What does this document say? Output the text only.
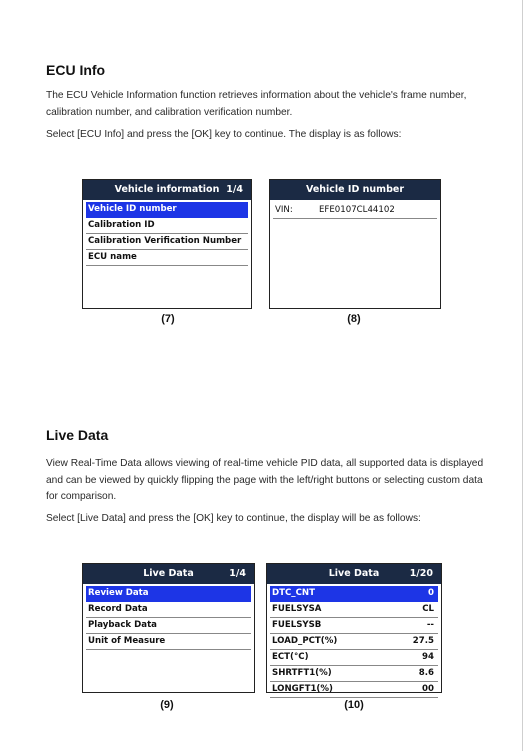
ECU Info

The ECU Vehicle Information function retrieves information about the vehicle's frame number, calibration number, and calibration verification number.

Select [ECU Info] and press the [OK] key to continue. The display is as follows:

Vehicle information 1/4
Vehicle ID number
Calibration ID
Calibration Verification Number
ECU name
(7)
Vehicle ID number
VIN:	EFE0107CL44102
(8)
Live Data

View Real-Time Data allows viewing of real-time vehicle PID data, all supported data is displayed and can be viewed by quickly flipping the page with the left/right buttons or selecting custom data for comparison.

Select [Live Data] and press the [OK] key to continue, the display will be as follows:

Live Data	1/4
Review Data
Record Data
Playback Data
Unit of Measure
(9)
Live Data	1/20
DTC_CNT	0
FUELSYSA	CL
FUELSYSB	--
LOAD_PCT(%)	27.5
ECT(°C)	94
SHRTFT1(%)	8.6
LONGFT1(%)	00
(10)
